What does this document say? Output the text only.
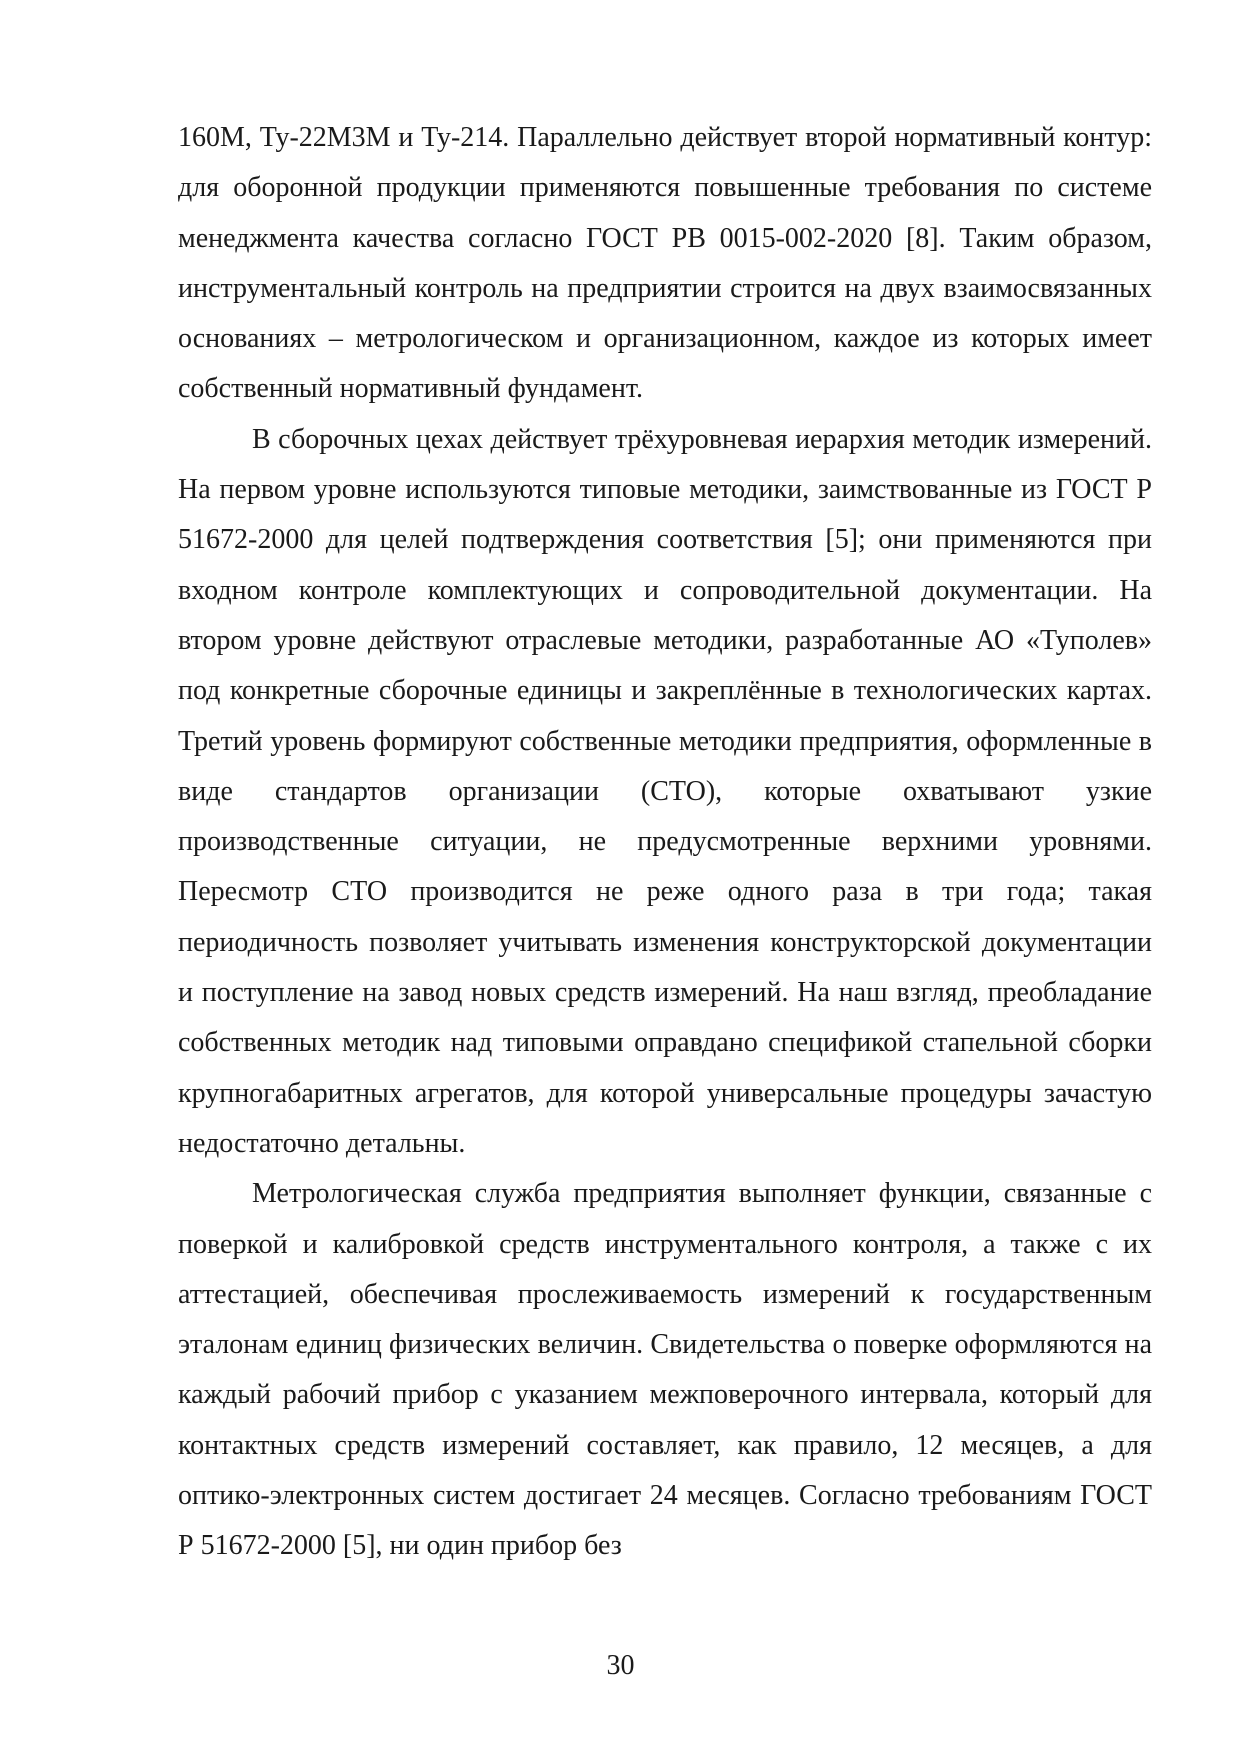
160М, Ту-22М3М и Ту-214. Параллельно действует второй нормативный контур: для оборонной продукции применяются повышенные требования по системе менеджмента качества согласно ГОСТ РВ 0015-002-2020 [8]. Таким образом, инструментальный контроль на предприятии строится на двух взаимосвязанных основаниях – метрологическом и организационном, каждое из которых имеет собственный нормативный фундамент.

В сборочных цехах действует трёхуровневая иерархия методик измерений. На первом уровне используются типовые методики, заимствованные из ГОСТ Р 51672-2000 для целей подтверждения соответствия [5]; они применяются при входном контроле комплектующих и сопроводительной документации. На втором уровне действуют отраслевые методики, разработанные АО «Туполев» под конкретные сборочные единицы и закреплённые в технологических картах. Третий уровень формируют собственные методики предприятия, оформленные в виде стандартов организации (СТО), которые охватывают узкие производственные ситуации, не предусмотренные верхними уровнями. Пересмотр СТО производится не реже одного раза в три года; такая периодичность позволяет учитывать изменения конструкторской документации и поступление на завод новых средств измерений. На наш взгляд, преобладание собственных методик над типовыми оправдано спецификой стапельной сборки крупногабаритных агрегатов, для которой универсальные процедуры зачастую недостаточно детальны.

Метрологическая служба предприятия выполняет функции, связанные с поверкой и калибровкой средств инструментального контроля, а также с их аттестацией, обеспечивая прослеживаемость измерений к государственным эталонам единиц физических величин. Свидетельства о поверке оформляются на каждый рабочий прибор с указанием межповерочного интервала, который для контактных средств измерений составляет, как правило, 12 месяцев, а для оптико-электронных систем достигает 24 месяцев. Согласно требованиям ГОСТ Р 51672-2000 [5], ни один прибор без

30
